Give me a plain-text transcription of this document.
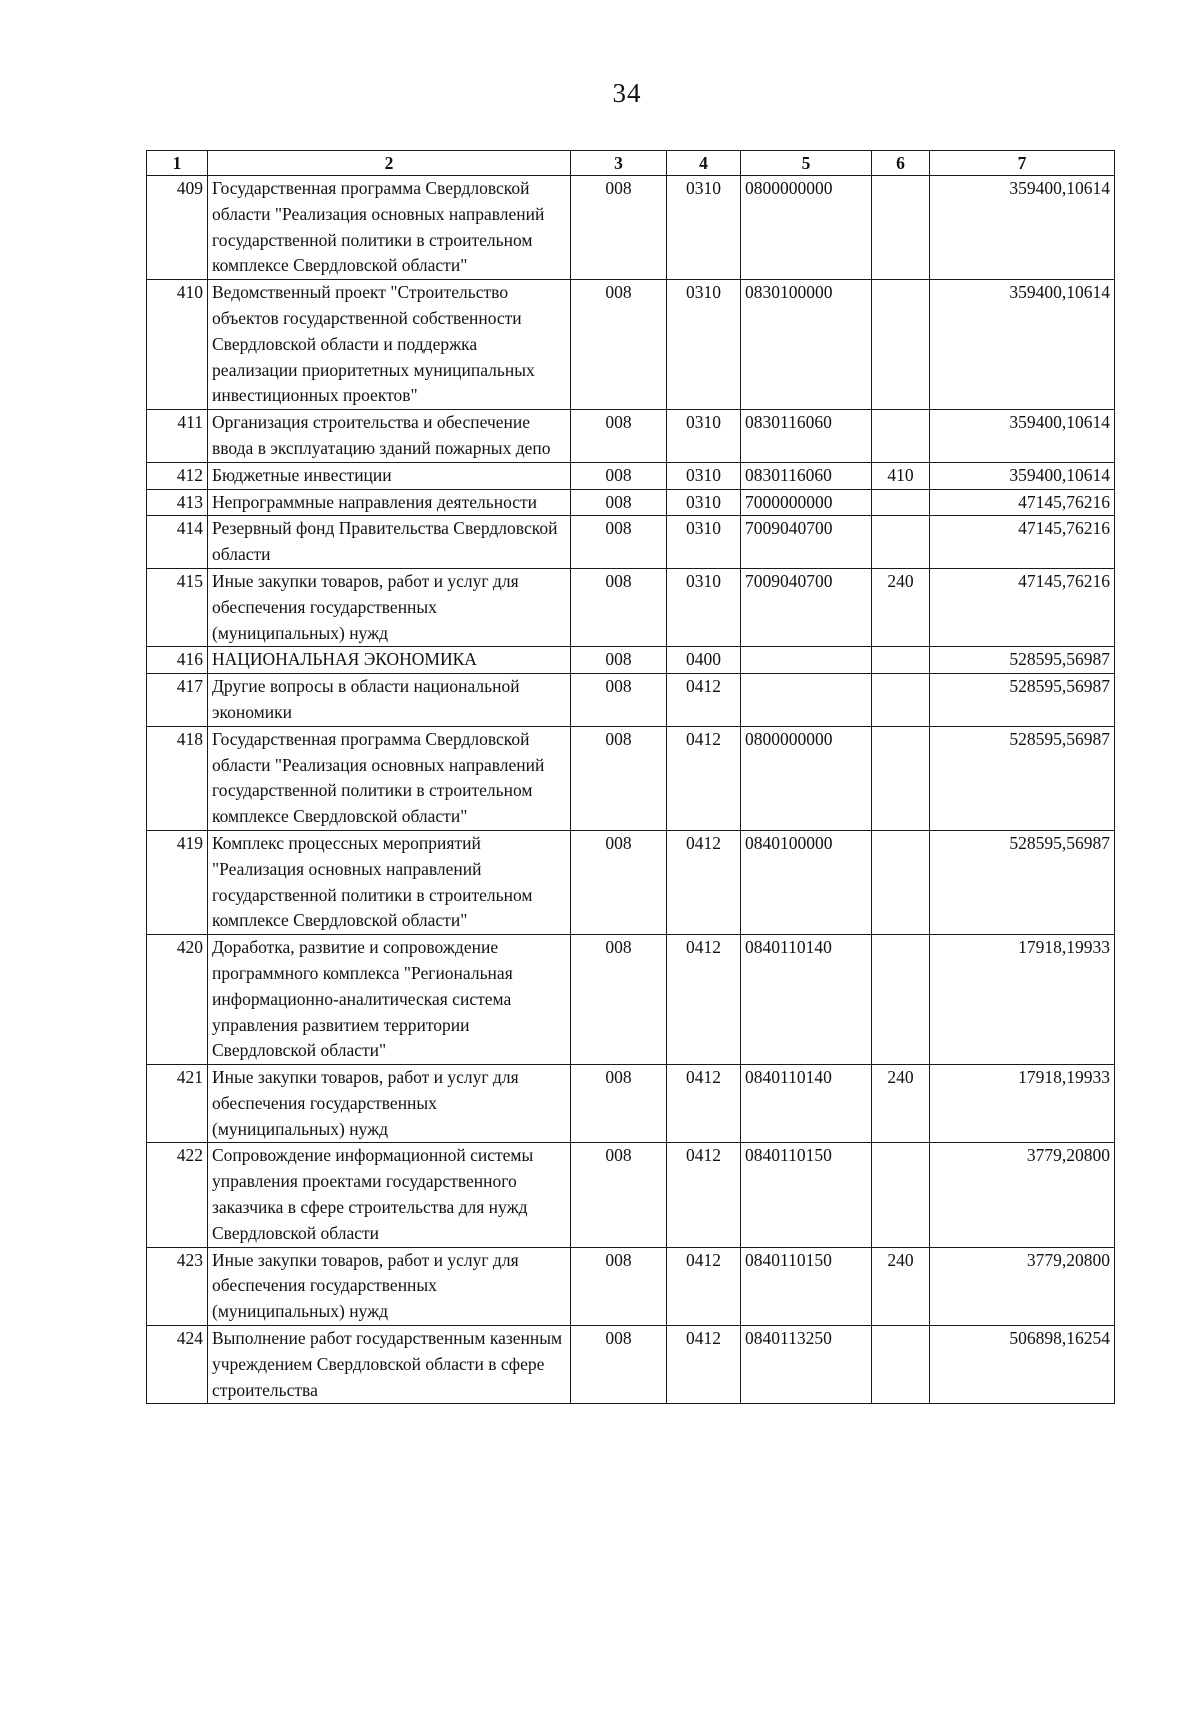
34
1	2	3	4	5	6	7
409	Государственная программа Свердловской области "Реализация основных направлений государственной политики в строительном комплексе Свердловской области"	008	0310	0800000000		359400,10614
410	Ведомственный проект "Строительство объектов государственной собственности Свердловской области и поддержка реализации приоритетных муниципальных инвестиционных проектов"	008	0310	0830100000		359400,10614
411	Организация строительства и обеспечение ввода в эксплуатацию зданий пожарных депо	008	0310	0830116060		359400,10614
412	Бюджетные инвестиции	008	0310	0830116060	410	359400,10614
413	Непрограммные направления деятельности	008	0310	7000000000		47145,76216
414	Резервный фонд Правительства Свердловской области	008	0310	7009040700		47145,76216
415	Иные закупки товаров, работ и услуг для обеспечения государственных (муниципальных) нужд	008	0310	7009040700	240	47145,76216
416	НАЦИОНАЛЬНАЯ ЭКОНОМИКА	008	0400			528595,56987
417	Другие вопросы в области национальной экономики	008	0412			528595,56987
418	Государственная программа Свердловской области "Реализация основных направлений государственной политики в строительном комплексе Свердловской области"	008	0412	0800000000		528595,56987
419	Комплекс процессных мероприятий "Реализация основных направлений государственной политики в строительном комплексе Свердловской области"	008	0412	0840100000		528595,56987
420	Доработка, развитие и сопровождение программного комплекса "Региональная информационно-аналитическая система управления развитием территории Свердловской области"	008	0412	0840110140		17918,19933
421	Иные закупки товаров, работ и услуг для обеспечения государственных (муниципальных) нужд	008	0412	0840110140	240	17918,19933
422	Сопровождение информационной системы управления проектами государственного заказчика в сфере строительства для нужд Свердловской области	008	0412	0840110150		3779,20800
423	Иные закупки товаров, работ и услуг для обеспечения государственных (муниципальных) нужд	008	0412	0840110150	240	3779,20800
424	Выполнение работ государственным казенным учреждением Свердловской области в сфере строительства	008	0412	0840113250		506898,16254
